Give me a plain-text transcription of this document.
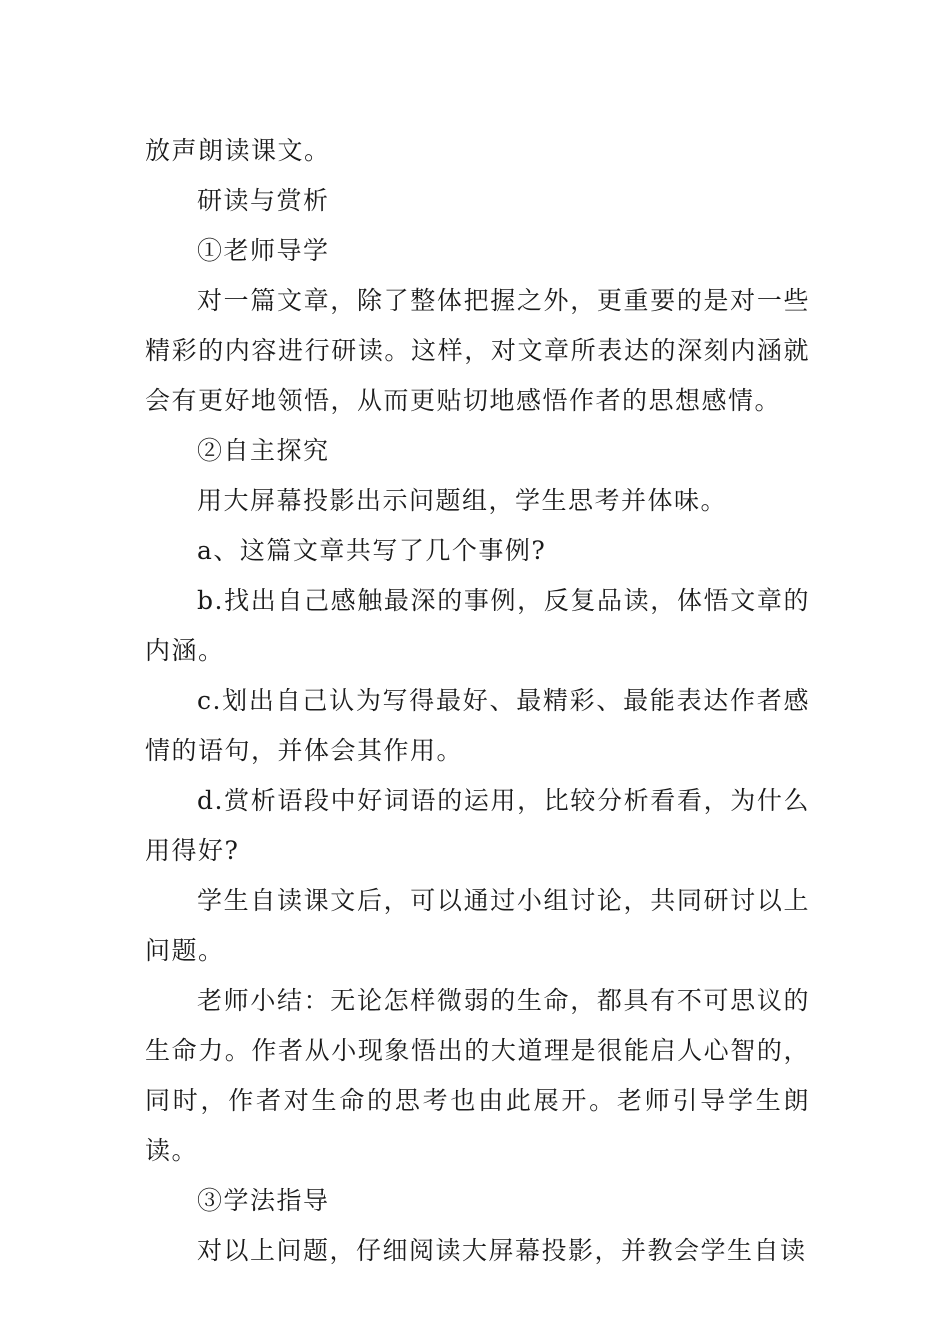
放声朗读课文。

研读与赏析

①老师导学

对一篇文章，除了整体把握之外，更重要的是对一些精彩的内容进行研读。这样，对文章所表达的深刻内涵就会有更好地领悟，从而更贴切地感悟作者的思想感情。

②自主探究

用大屏幕投影出示问题组，学生思考并体味。

a、这篇文章共写了几个事例?

b.找出自己感触最深的事例，反复品读，体悟文章的内涵。

c.划出自己认为写得最好、最精彩、最能表达作者感情的语句，并体会其作用。

d.赏析语段中好词语的运用，比较分析看看，为什么用得好?

学生自读课文后，可以通过小组讨论，共同研讨以上问题。

老师小结：无论怎样微弱的生命，都具有不可思议的生命力。作者从小现象悟出的大道理是很能启人心智的，同时，作者对生命的思考也由此展开。老师引导学生朗读。

③学法指导

对以上问题，仔细阅读大屏幕投影，并教会学生自读
